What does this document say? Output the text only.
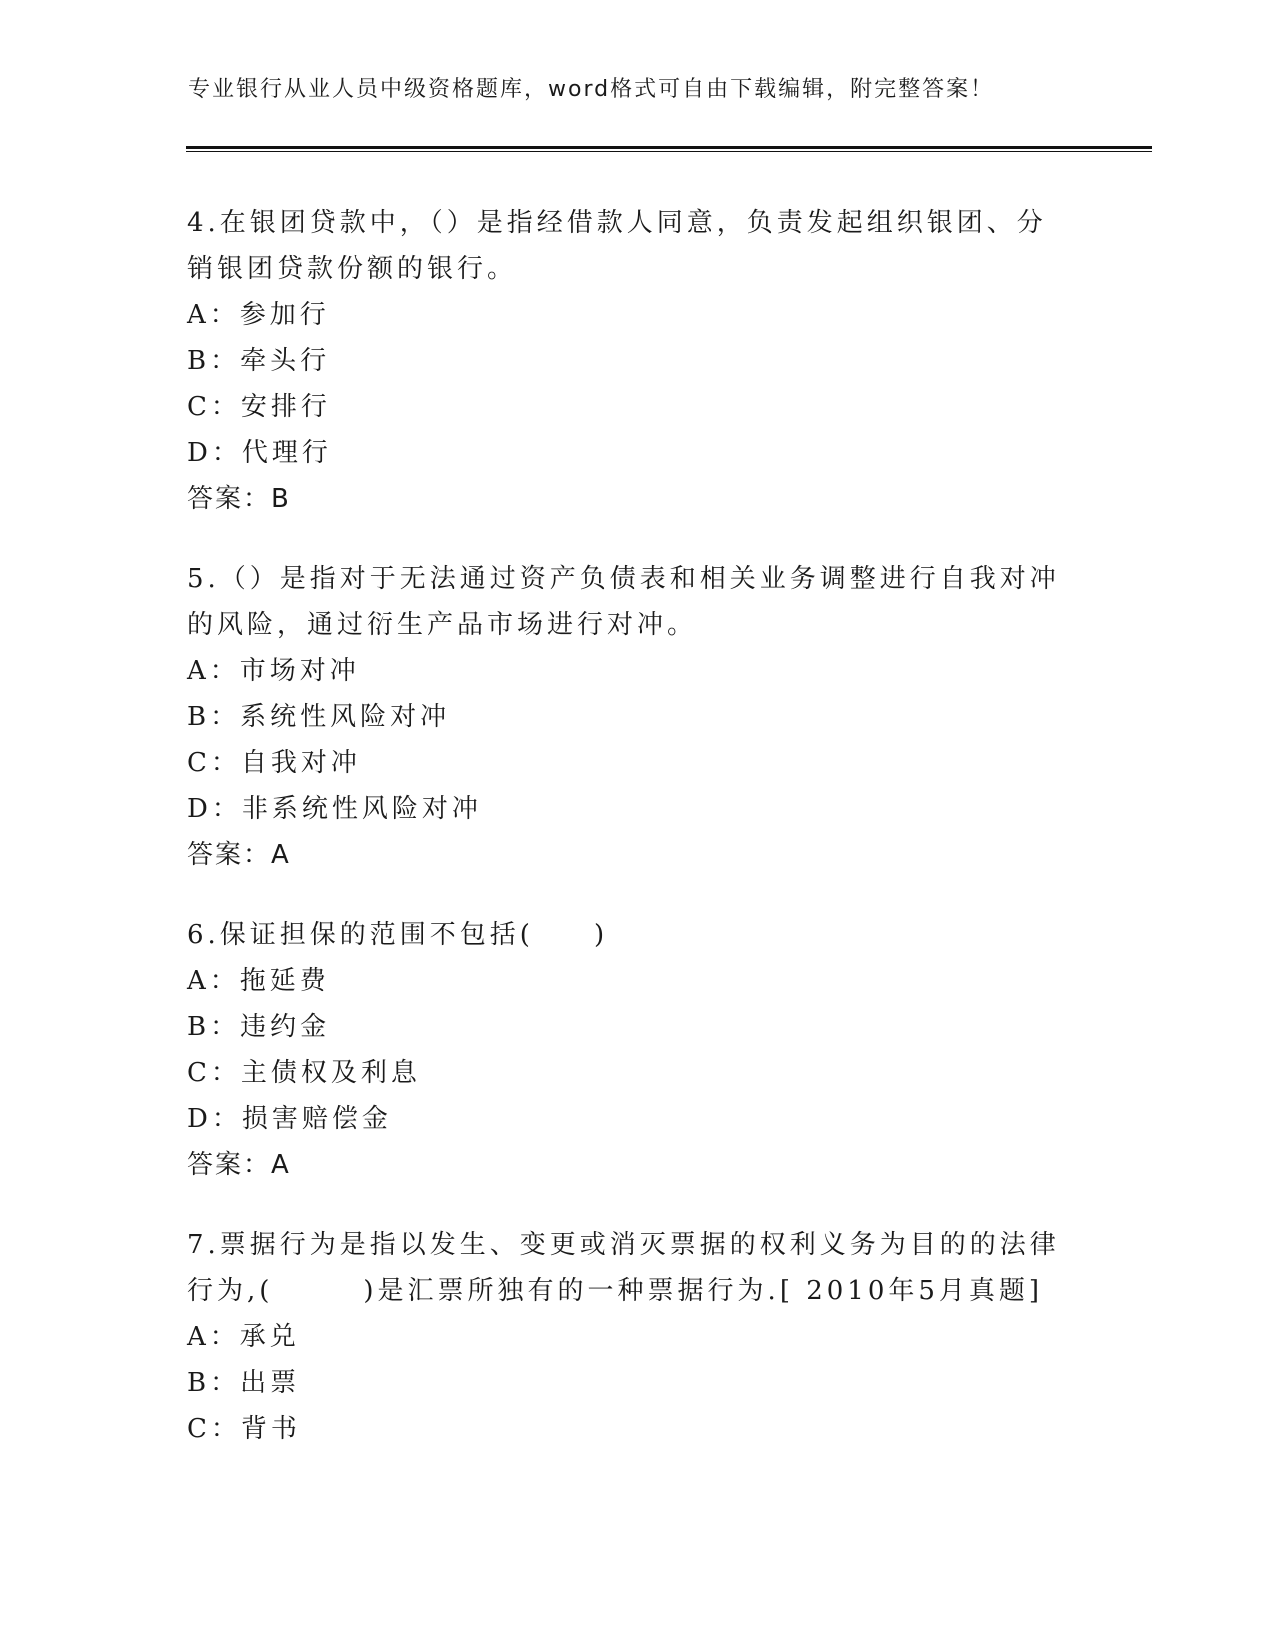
专业银行从业人员中级资格题库，word格式可自由下载编辑，附完整答案！
4.在银团贷款中，（）是指经借款人同意，负责发起组织银团、分销银团贷款份额的银行。
A：参加行
B：牵头行
C：安排行
D：代理行
答案：B
5.（）是指对于无法通过资产负债表和相关业务调整进行自我对冲的风险，通过衍生产品市场进行对冲。
A：市场对冲
B：系统性风险对冲
C：自我对冲
D：非系统性风险对冲
答案：A
6.保证担保的范围不包括(　　)
A：拖延费
B：违约金
C：主债权及利息
D：损害赔偿金
答案：A
7.票据行为是指以发生、变更或消灭票据的权利义务为目的的法律行为,(　　　)是汇票所独有的一种票据行为.[ 2010年5月真题]
A：承兑
B：出票
C：背书
